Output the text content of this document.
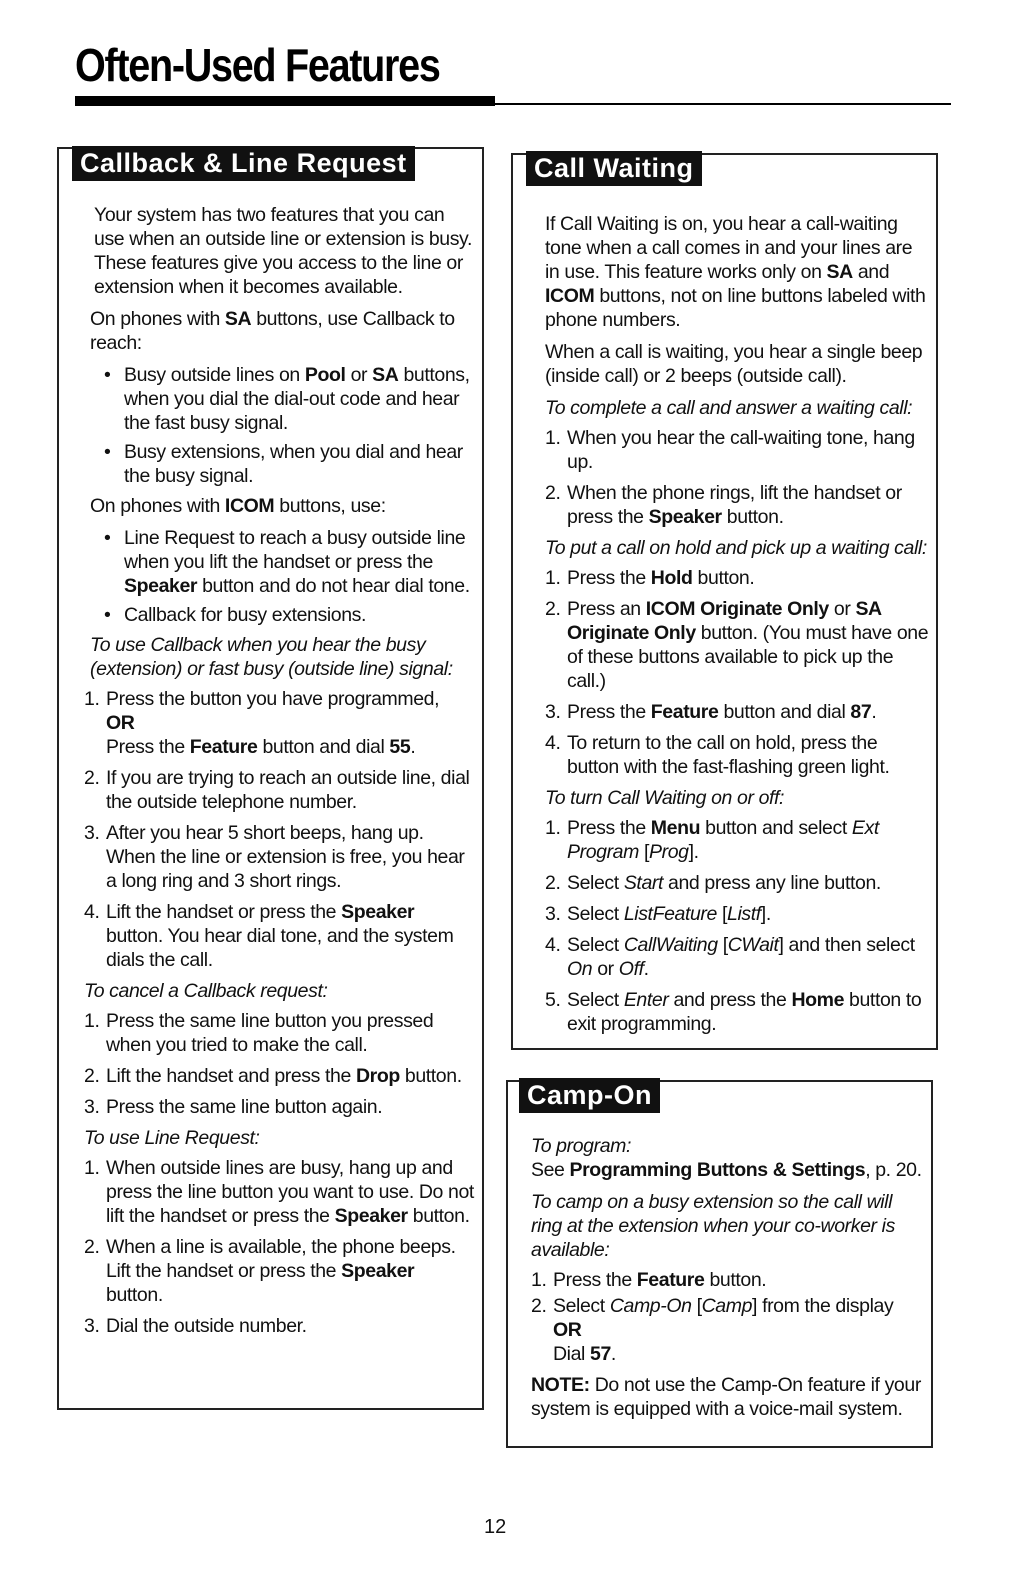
Often-Used Features
Callback & Line Request

Your system has two features that you can use when an outside line or extension is busy. These features give you access to the line or extension when it becomes available.

On phones with SA buttons, use Callback to reach:

• Busy outside lines on Pool or SA buttons, when you dial the dial-out code and hear the fast busy signal.
• Busy extensions, when you dial and hear the busy signal.

On phones with ICOM buttons, use:

• Line Request to reach a busy outside line when you lift the handset or press the Speaker button and do not hear dial tone.
• Callback for busy extensions.

To use Callback when you hear the busy (extension) or fast busy (outside line) signal:

1. Press the button you have programmed,
OR
Press the Feature button and dial 55.
2. If you are trying to reach an outside line, dial the outside telephone number.
3. After you hear 5 short beeps, hang up. When the line or extension is free, you hear a long ring and 3 short rings.
4. Lift the handset or press the Speaker button. You hear dial tone, and the system dials the call.

To cancel a Callback request:

1. Press the same line button you pressed when you tried to make the call.
2. Lift the handset and press the Drop button.
3. Press the same line button again.

To use Line Request:

1. When outside lines are busy, hang up and press the line button you want to use. Do not lift the handset or press the Speaker button.
2. When a line is available, the phone beeps. Lift the handset or press the Speaker button.
3. Dial the outside number.
Call Waiting

If Call Waiting is on, you hear a call-waiting tone when a call comes in and your lines are in use. This feature works only on SA and ICOM buttons, not on line buttons labeled with phone numbers.

When a call is waiting, you hear a single beep (inside call) or 2 beeps (outside call).

To complete a call and answer a waiting call:

1. When you hear the call-waiting tone, hang up.
2. When the phone rings, lift the handset or press the Speaker button.

To put a call on hold and pick up a waiting call:

1. Press the Hold button.
2. Press an ICOM Originate Only or SA Originate Only button. (You must have one of these buttons available to pick up the call.)
3. Press the Feature button and dial 87.
4. To return to the call on hold, press the button with the fast-flashing green light.

To turn Call Waiting on or off:

1. Press the Menu button and select Ext Program [Prog].
2. Select Start and press any line button.
3. Select ListFeature [Listf].
4. Select CallWaiting [CWait] and then select On or Off.
5. Select Enter and press the Home button to exit programming.
Camp-On

To program:

See Programming Buttons & Settings, p. 20.

To camp on a busy extension so the call will ring at the extension when your co-worker is available:

1. Press the Feature button.
2. Select Camp-On [Camp] from the display
OR
Dial 57.

NOTE: Do not use the Camp-On feature if your system is equipped with a voice-mail system.

12
